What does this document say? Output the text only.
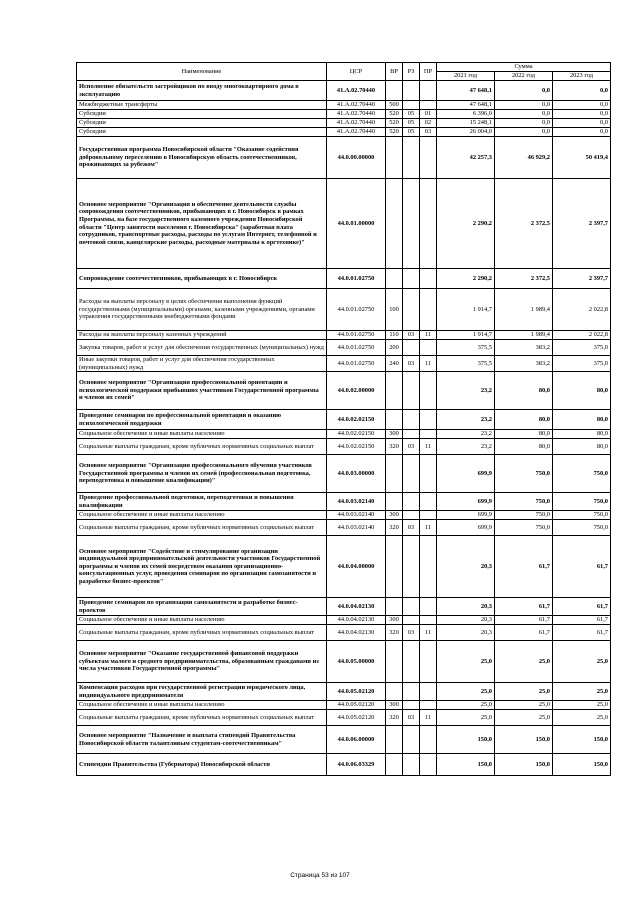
Наименование	ЦСР	ВР	РЗ	ПР	Сумма		
					2021 год	2022 год	2023 год
Исполнение обязательств застройщиков по вводу многоквартирного дома в эксплуатацию	41.А.02.70440				47 648,1	0,0	0,0
Межбюджетные трансферты	41.А.02.70440	500			47 648,1	0,0	0,0
Субсидии	41.А.02.70440	520	05	01	6 396,0	0,0	0,0
Субсидии	41.А.02.70440	520	05	02	15 248,1	0,0	0,0
Субсидии	41.А.02.70440	520	05	03	26 004,0	0,0	0,0
Государственная программа Новосибирской области "Оказание содействия добровольному переселению в Новосибирскую область соотечественников, проживающих за рубежом"	44.0.00.00000				42 257,3	46 929,2	50 419,4
Основное мероприятие "Организация и обеспечение деятельности службы сопровождения соотечественников, прибывающих в г. Новосибирск в рамках Программы, на базе государственного казенного учреждения Новосибирской области "Центр занятости населения г. Новосибирска" (заработная плата сотрудников, транспортные расходы, расходы по услугам Интернет, телефонной и почтовой связи, канцелярские расходы, расходные материалы к оргтехнике)"	44.0.01.00000				2 290,2	2 372,5	2 397,7
Сопровождение соотечественников, прибывающих в г. Новосибирск	44.0.01.02750				2 290,2	2 372,5	2 397,7
Расходы на выплаты персоналу в целях обеспечения выполнения функций государственными (муниципальными) органами, казенными учреждениями, органами управления государственными внебюджетными фондами	44.0.01.02750	100			1 914,7	1 989,4	2 022,8
Расходы на выплаты персоналу казенных учреждений	44.0.01.02750	110	03	11	1 914,7	1 989,4	2 022,8
Закупка товаров, работ и услуг для обеспечения государственных (муниципальных) нужд	44.0.01.02750	200			375,5	383,2	375,0
Иные закупки товаров, работ и услуг для обеспечения государственных (муниципальных) нужд	44.0.01.02750	240	03	11	375,5	383,2	375,0
Основное мероприятие "Организация профессиональной ориентации и психологической поддержки прибывших участников Государственной программы и членов их семей"	44.0.02.00000				23,2	80,0	80,0
Проведение семинаров по профессиональной ориентации и оказанию психологической поддержки	44.0.02.02150				23,2	80,0	80,0
Социальное обеспечение и иные выплаты населению	44.0.02.02150	300			23,2	80,0	80,0
Социальные выплаты гражданам, кроме публичных нормативных социальных выплат	44.0.02.02150	320	03	11	23,2	80,0	80,0
Основное мероприятие "Организация профессионального обучения участников Государственной программы и членов их семей (профессиональная подготовка, переподготовка и повышение квалификации)"	44.0.03.00000				699,9	750,0	750,0
Проведение профессиональной подготовки, переподготовки и повышения квалификации	44.0.03.02140				699,9	750,0	750,0
Социальное обеспечение и иные выплаты населению	44.0.03.02140	300			699,9	750,0	750,0
Социальные выплаты гражданам, кроме публичных нормативных социальных выплат	44.0.03.02140	320	03	11	699,9	750,0	750,0
Основное мероприятие "Содействие и стимулирование организации индивидуальной предпринимательской деятельности участников Государственной программы и членов их семей посредством оказания организационно-консультационных услуг, проведения семинаров по организации самозанятости и разработке бизнес-проектов"	44.0.04.00000				20,3	61,7	61,7
Проведение семинаров по организации самозанятости и разработке бизнес-проектов	44.0.04.02130				20,3	61,7	61,7
Социальное обеспечение и иные выплаты населению	44.0.04.02130	300			20,3	61,7	61,7
Социальные выплаты гражданам, кроме публичных нормативных социальных выплат	44.0.04.02130	320	03	11	20,3	61,7	61,7
Основное мероприятие "Оказание государственной финансовой поддержки субъектам малого и среднего предпринимательства, образованным гражданами из числа участников Государственной программы"	44.0.05.00000				25,0	25,0	25,0
Компенсация расходов при государственной регистрации юридического лица, индивидуального предпринимателя	44.0.05.02120				25,0	25,0	25,0
Социальное обеспечение и иные выплаты населению	44.0.05.02120	300			25,0	25,0	25,0
Социальные выплаты гражданам, кроме публичных нормативных социальных выплат	44.0.05.02120	320	03	11	25,0	25,0	25,0
Основное мероприятие "Назначение и выплата стипендий Правительства Новосибирской области талантливым студентам-соотечественникам"	44.0.06.00000				150,0	150,0	150,0
Стипендии Правительства (Губернатора) Новосибирской области	44.0.06.03329				150,0	150,0	150,0
Страница 53 из 107
